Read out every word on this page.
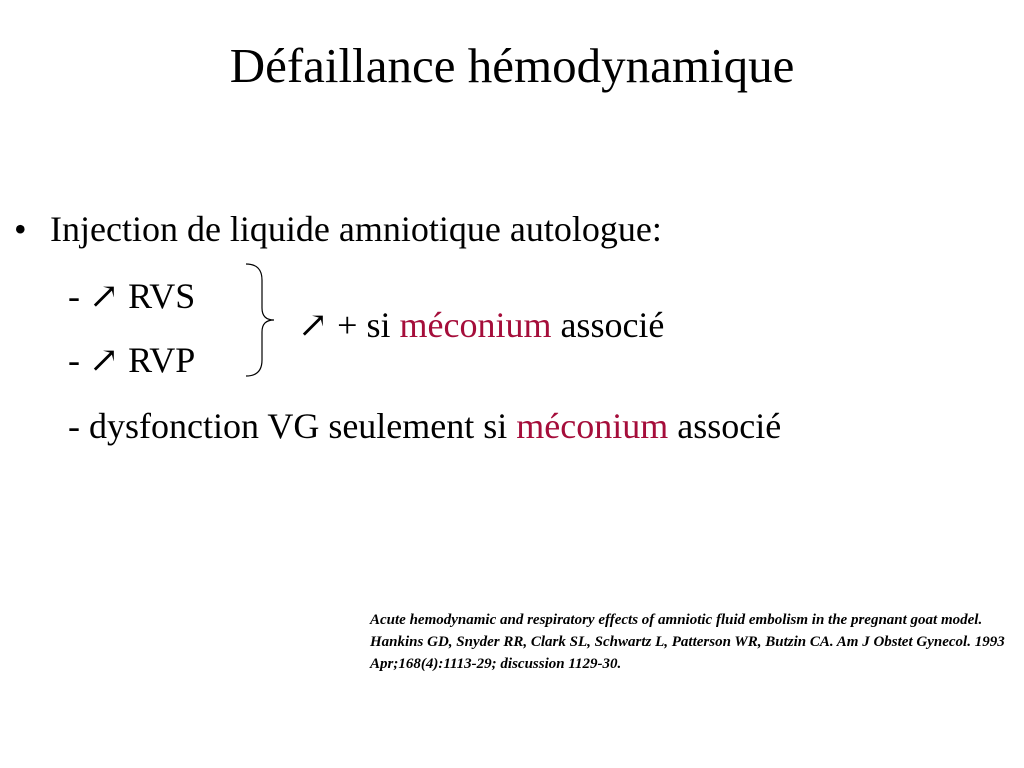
Défaillance hémodynamique
• Injection de liquide amniotique autologue:
- ↗ RVS
- ↗ RVP
↗ + si méconium associé
- dysfonction VG seulement si méconium associé
Acute hemodynamic and respiratory effects of amniotic fluid embolism in the pregnant goat model. Hankins GD, Snyder RR, Clark SL, Schwartz L, Patterson WR, Butzin CA. Am J Obstet Gynecol. 1993 Apr;168(4):1113-29; discussion 1129-30.
